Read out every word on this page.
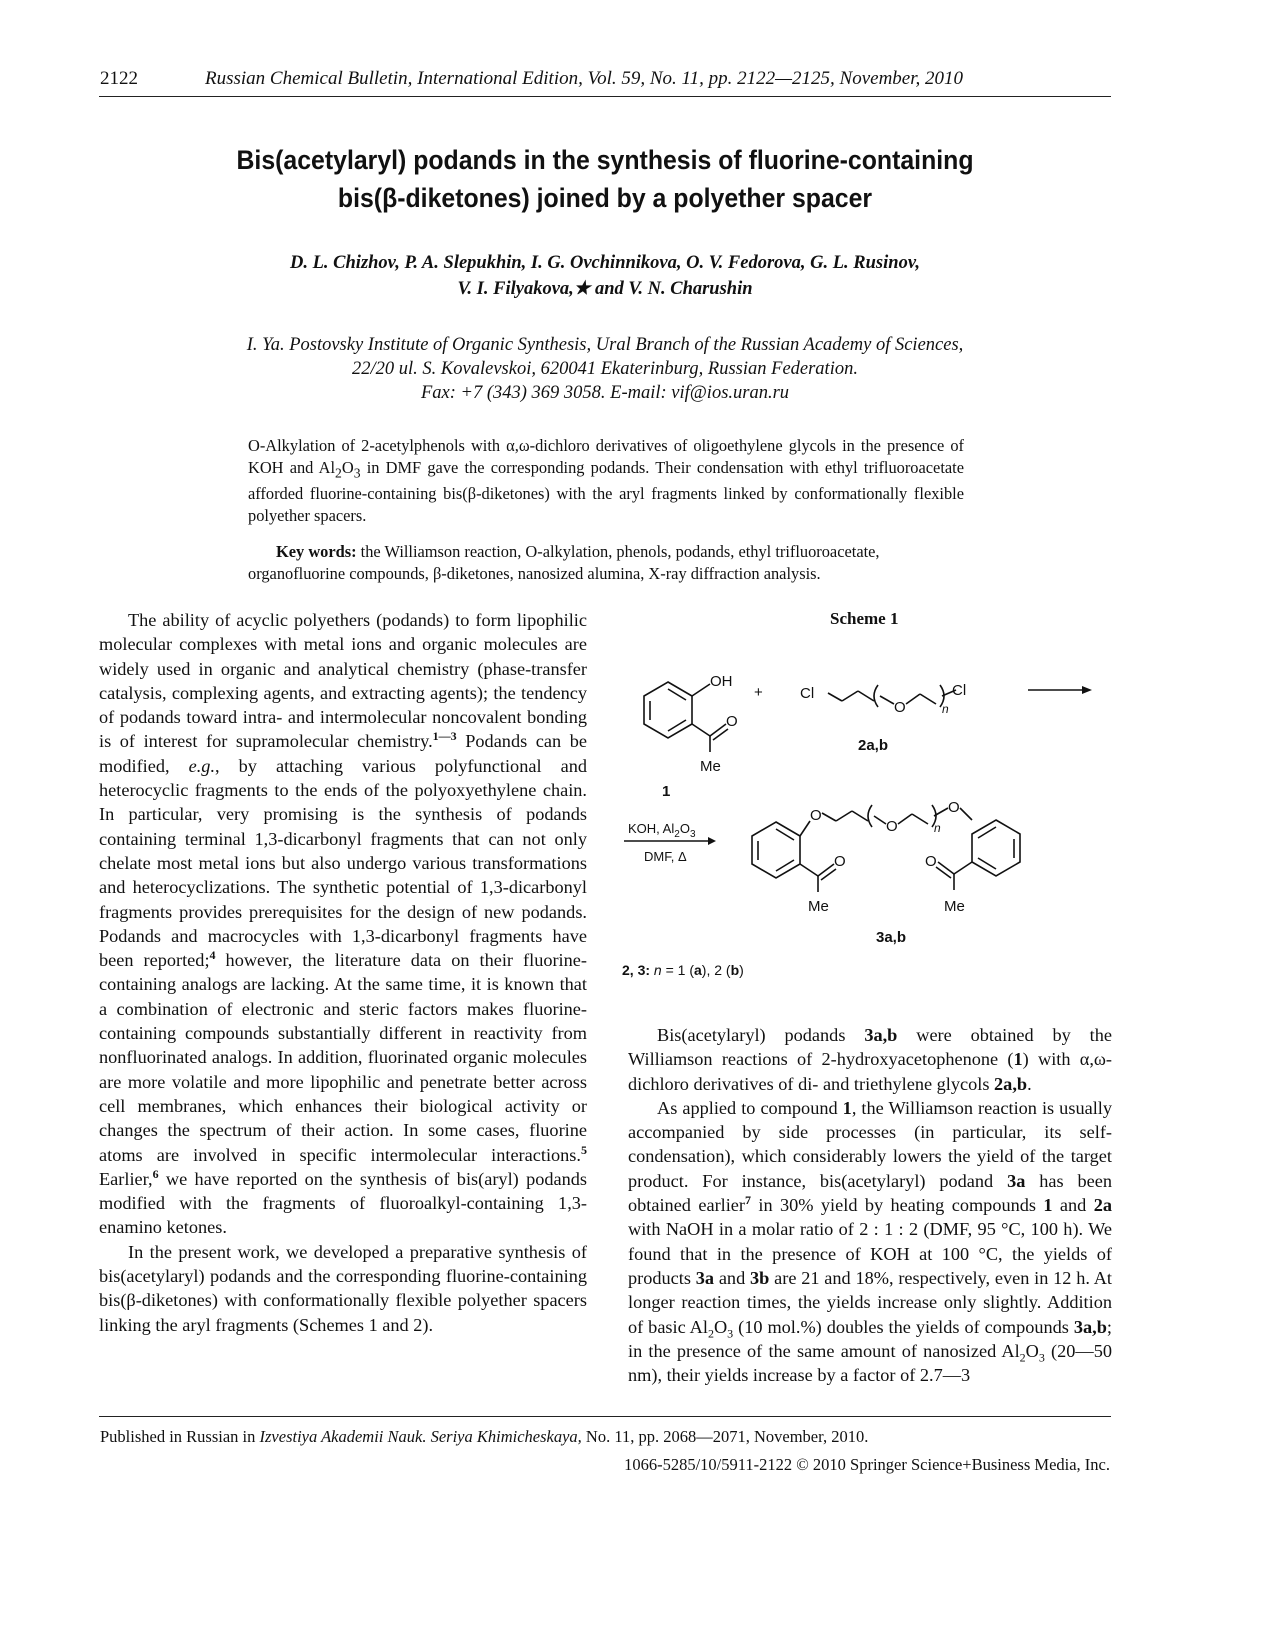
2122	Russian Chemical Bulletin, International Edition, Vol. 59, No. 11, pp. 2122—2125, November, 2010
Bis(acetylaryl) podands in the synthesis of fluorine-containing
bis(β-diketones) joined by a polyether spacer
D. L. Chizhov, P. A. Slepukhin, I. G. Ovchinnikova, O. V. Fedorova, G. L. Rusinov,
V. I. Filyakova,★ and V. N. Charushin
I. Ya. Postovsky Institute of Organic Synthesis, Ural Branch of the Russian Academy of Sciences,
22/20 ul. S. Kovalevskoi, 620041 Ekaterinburg, Russian Federation.
Fax: +7 (343) 369 3058. E-mail: vif@ios.uran.ru
O-Alkylation of 2-acetylphenols with α,ω-dichloro derivatives of oligoethylene glycols in the presence of KOH and $Al_2O_3$ in DMF gave the corresponding podands. Their condensation with ethyl trifluoroacetate afforded fluorine-containing bis(β-diketones) with the aryl fragments linked by conformationally flexible polyether spacers.
Key words: the Williamson reaction, O-alkylation, phenols, podands, ethyl trifluoroacetate, organofluorine compounds, β-diketones, nanosized alumina, X-ray diffraction analysis.

The ability of acyclic polyethers (podands) to form lipophilic molecular complexes with metal ions and organic molecules are widely used in organic and analytical chemistry (phase-transfer catalysis, complexing agents, and extracting agents); the tendency of podands toward intra- and intermolecular noncovalent bonding is of interest for supramolecular chemistry.$^{1—3}$ Podands can be modified, e.g., by attaching various polyfunctional and heterocyclic fragments to the ends of the polyoxyethylene chain. In particular, very promising is the synthesis of podands containing terminal 1,3-dicarbonyl fragments that can not only chelate most metal ions but also undergo various transformations and heterocyclizations. The synthetic potential of 1,3-dicarbonyl fragments provides prerequisites for the design of new podands. Podands and macrocycles with 1,3-dicarbonyl fragments have been reported;$^4$ however, the literature data on their fluorine-containing analogs are lacking. At the same time, it is known that a combination of electronic and steric factors makes fluorine-containing compounds substantially different in reactivity from nonfluorinated analogs. In addition, fluorinated organic molecules are more volatile and more lipophilic and penetrate better across cell membranes, which enhances their biological activity or changes the spectrum of their action. In some cases, fluorine atoms are involved in specific intermolecular interactions.$^5$ Earlier,$^6$ we have reported on the synthesis of bis(aryl) podands modified with the fragments of fluoroalkyl-containing 1,3-enamino ketones.

In the present work, we developed a preparative synthesis of bis(acetylaryl) podands and the corresponding fluorine-containing bis(β-diketones) with conformationally flexible polyether spacers linking the aryl fragments (Schemes 1 and 2).

Scheme 1
OH
O
Me
+ Cl
O
Cl
n
O
O
O
n
O	O
Me	Me
1
2a,b
3a,b
KOH, $Al_2O_3$
DMF, Δ
2, 3: n = 1 (a), 2 (b)

Bis(acetylaryl) podands 3a,b were obtained by the Williamson reactions of 2-hydroxyacetophenone (1) with α,ω-dichloro derivatives of di- and triethylene glycols 2a,b.

As applied to compound 1, the Williamson reaction is usually accompanied by side processes (in particular, its self-condensation), which considerably lowers the yield of the target product. For instance, bis(acetylaryl) podand 3a has been obtained earlier$^7$ in 30% yield by heating compounds 1 and 2a with NaOH in a molar ratio of 2 : 1 : 2 (DMF, 95 °C, 100 h). We found that in the presence of KOH at 100 °C, the yields of products 3a and 3b are 21 and 18%, respectively, even in 12 h. At longer reaction times, the yields increase only slightly. Addition of basic $Al_2O_3$ (10 mol.%) doubles the yields of compounds 3a,b; in the presence of the same amount of nanosized $Al_2O_3$ (20—50 nm), their yields increase by a factor of 2.7—3

Published in Russian in Izvestiya Akademii Nauk. Seriya Khimicheskaya, No. 11, pp. 2068—2071, November, 2010.
1066-5285/10/5911-2122 © 2010 Springer Science+Business Media, Inc.
